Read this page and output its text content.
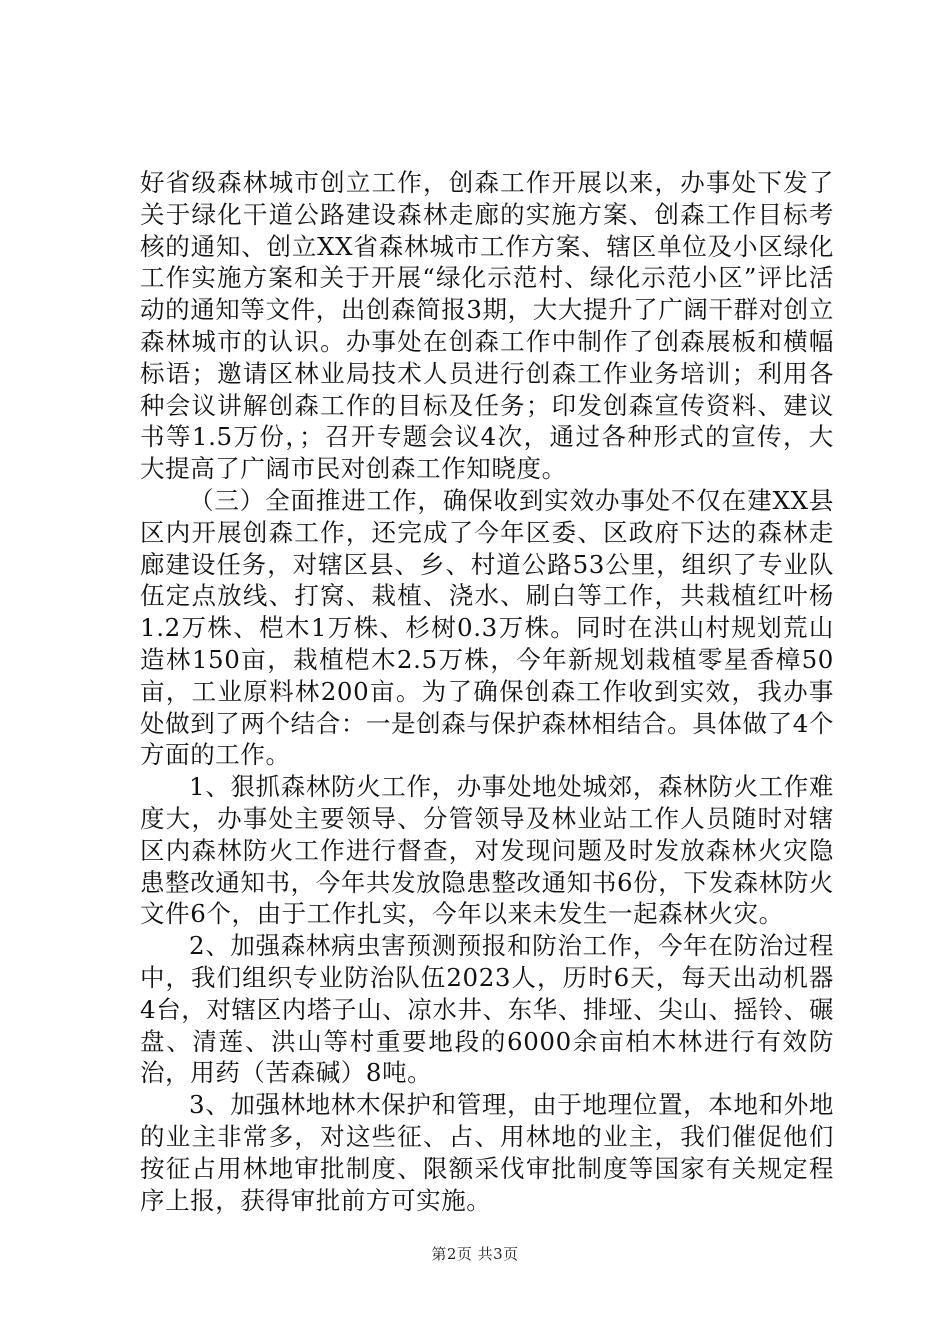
好省级森林城市创立工作，创森工作开展以来，办事处下发了关于绿化干道公路建设森林走廊的实施方案、创森工作目标考核的通知、创立XX省森林城市工作方案、辖区单位及小区绿化工作实施方案和关于开展“绿化示范村、绿化示范小区”评比活动的通知等文件，出创森简报3期，大大提升了广阔干群对创立森林城市的认识。办事处在创森工作中制作了创森展板和横幅标语；邀请区林业局技术人员进行创森工作业务培训；利用各种会议讲解创森工作的目标及任务；印发创森宣传资料、建议书等1.5万份，；召开专题会议4次，通过各种形式的宣传，大大提高了广阔市民对创森工作知晓度。

（三）全面推进工作，确保收到实效办事处不仅在建XX县区内开展创森工作，还完成了今年区委、区政府下达的森林走廊建设任务，对辖区县、乡、村道公路53公里，组织了专业队伍定点放线、打窝、栽植、浇水、刷白等工作，共栽植红叶杨1.2万株、桤木1万株、杉树0.3万株。同时在洪山村规划荒山造林150亩，栽植桤木2.5万株，今年新规划栽植零星香樟50亩，工业原料林200亩。为了确保创森工作收到实效，我办事处做到了两个结合：一是创森与保护森林相结合。具体做了4个方面的工作。

1、狠抓森林防火工作，办事处地处城郊，森林防火工作难度大，办事处主要领导、分管领导及林业站工作人员随时对辖区内森林防火工作进行督查，对发现问题及时发放森林火灾隐患整改通知书，今年共发放隐患整改通知书6份，下发森林防火文件6个，由于工作扎实，今年以来未发生一起森林火灾。

2、加强森林病虫害预测预报和防治工作，今年在防治过程中，我们组织专业防治队伍2023人，历时6天，每天出动机器4台，对辖区内塔子山、凉水井、东华、排垭、尖山、摇铃、碾盘、清莲、洪山等村重要地段的6000余亩柏木林进行有效防治，用药（苦森碱）8吨。

3、加强林地林木保护和管理，由于地理位置，本地和外地的业主非常多，对这些征、占、用林地的业主，我们催促他们按征占用林地审批制度、限额采伐审批制度等国家有关规定程序上报，获得审批前方可实施。

第2页 共3页
